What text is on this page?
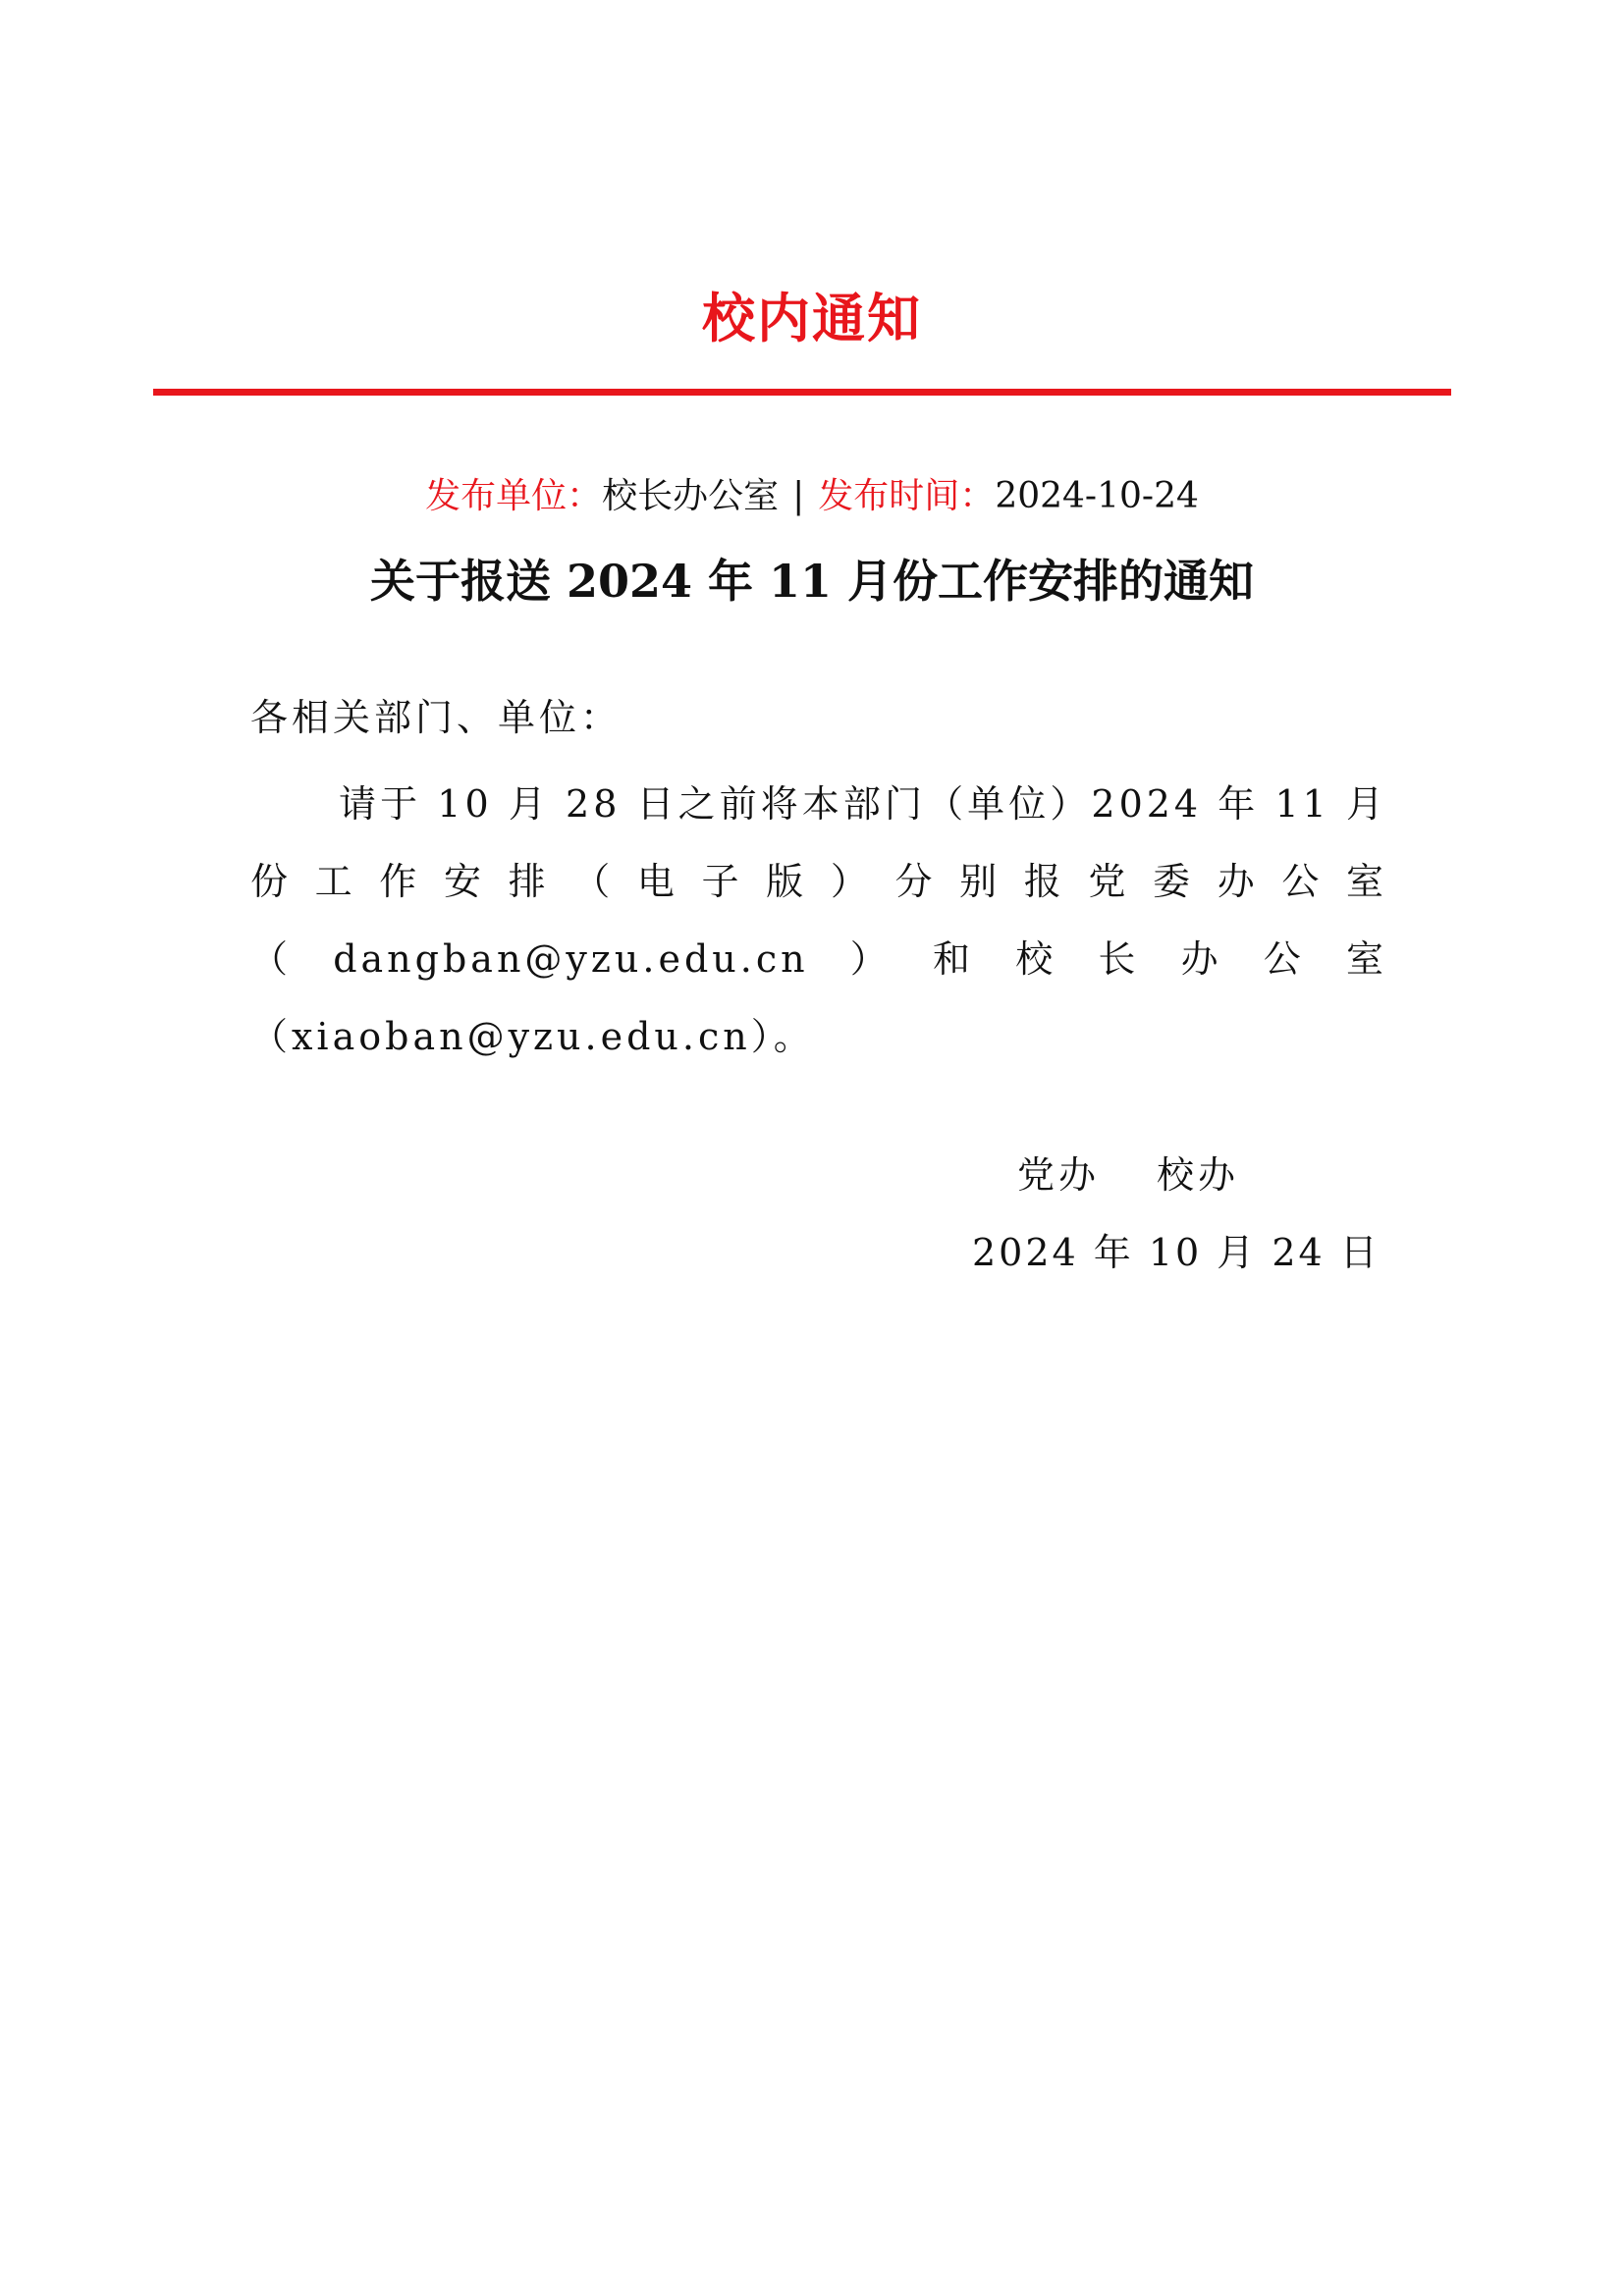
校内通知
发布单位：校长办公室 | 发布时间：2024-10-24
关于报送 2024 年 11 月份工作安排的通知
各相关部门、单位：

请于 10 月 28 日之前将本部门（单位）2024 年 11 月份工作安排（电子版）分别报党委办公室（dangban@yzu.edu.cn）和校长办公室（xiaoban@yzu.edu.cn）。

党办 校办
2024 年 10 月 24 日
